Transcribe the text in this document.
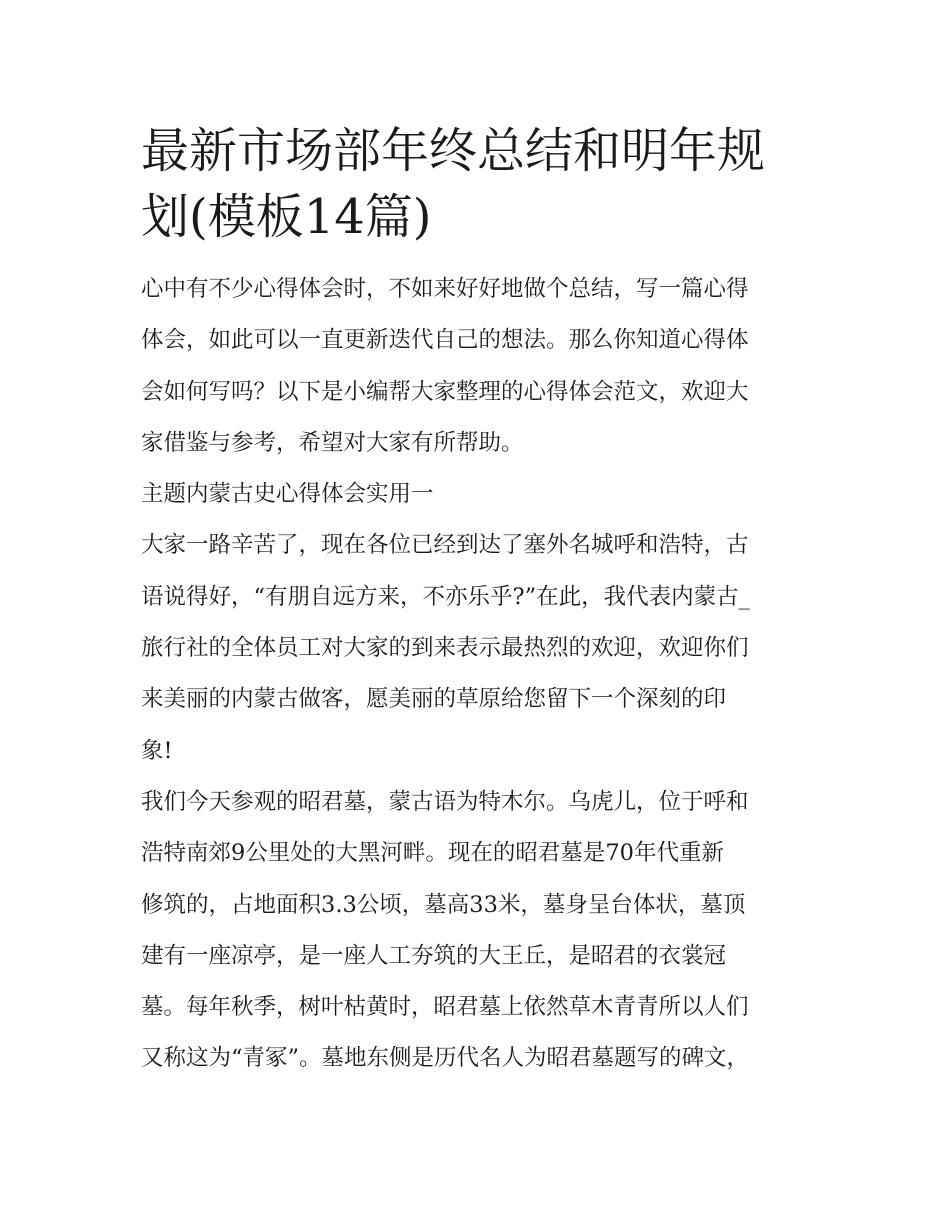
最新市场部年终总结和明年规
划(模板14篇)

心中有不少心得体会时，不如来好好地做个总结，写一篇心得
体会，如此可以一直更新迭代自己的想法。那么你知道心得体
会如何写吗？以下是小编帮大家整理的心得体会范文，欢迎大
家借鉴与参考，希望对大家有所帮助。

主题内蒙古史心得体会实用一

大家一路辛苦了，现在各位已经到达了塞外名城呼和浩特，古
语说得好，“有朋自远方来，不亦乐乎?”在此，我代表内蒙古_
旅行社的全体员工对大家的到来表示最热烈的欢迎，欢迎你们
来美丽的内蒙古做客，愿美丽的草原给您留下一个深刻的印
象!

我们今天参观的昭君墓，蒙古语为特木尔。乌虎儿，位于呼和
浩特南郊9公里处的大黑河畔。现在的昭君墓是70年代重新
修筑的，占地面积3.3公顷，墓高33米，墓身呈台体状，墓顶
建有一座凉亭，是一座人工夯筑的大王丘，是昭君的衣裳冠
墓。每年秋季，树叶枯黄时，昭君墓上依然草木青青所以人们
又称这为“青冢”。墓地东侧是历代名人为昭君墓题写的碑文，
